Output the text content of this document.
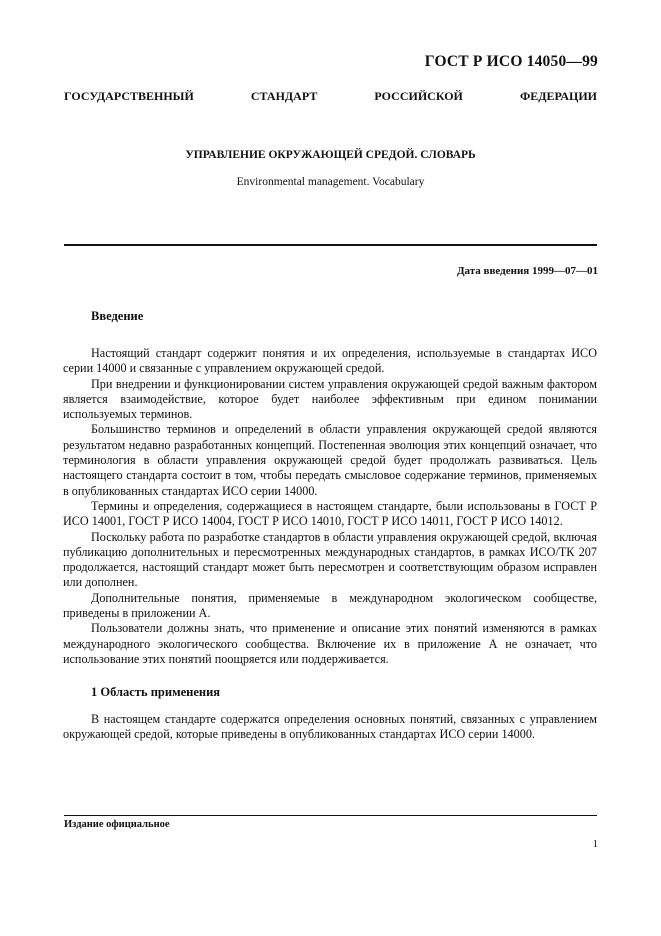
ГОСТ Р ИСО 14050—99
ГОСУДАРСТВЕННЫЙ СТАНДАРТ РОССИЙСКОЙ ФЕДЕРАЦИИ
УПРАВЛЕНИЕ ОКРУЖАЮЩЕЙ СРЕДОЙ. СЛОВАРЬ
Environmental management. Vocabulary
Дата введения 1999—07—01
Введение

Настоящий стандарт содержит понятия и их определения, используемые в стандартах ИСО серии 14000 и связанные с управлением окружающей средой.

При внедрении и функционировании систем управления окружающей средой важным фактором является взаимодействие, которое будет наиболее эффективным при едином понимании используемых терминов.

Большинство терминов и определений в области управления окружающей средой являются результатом недавно разработанных концепций. Постепенная эволюция этих концепций означает, что терминология в области управления окружающей средой будет продолжать развиваться. Цель настоящего стандарта состоит в том, чтобы передать смысловое содержание терминов, применяемых в опубликованных стандартах ИСО серии 14000.

Термины и определения, содержащиеся в настоящем стандарте, были использованы в ГОСТ Р ИСО 14001, ГОСТ Р ИСО 14004, ГОСТ Р ИСО 14010, ГОСТ Р ИСО 14011, ГОСТ Р ИСО 14012.

Поскольку работа по разработке стандартов в области управления окружающей средой, включая публикацию дополнительных и пересмотренных международных стандартов, в рамках ИСО/ТК 207 продолжается, настоящий стандарт может быть пересмотрен и соответствующим образом исправлен или дополнен.

Дополнительные понятия, применяемые в международном экологическом сообществе, приведены в приложении А.

Пользователи должны знать, что применение и описание этих понятий изменяются в рамках международного экологического сообщества. Включение их в приложение А не означает, что использование этих понятий поощряется или поддерживается.

1 Область применения

В настоящем стандарте содержатся определения основных понятий, связанных с управлением окружающей средой, которые приведены в опубликованных стандартах ИСО серии 14000.

Издание официальное
1
